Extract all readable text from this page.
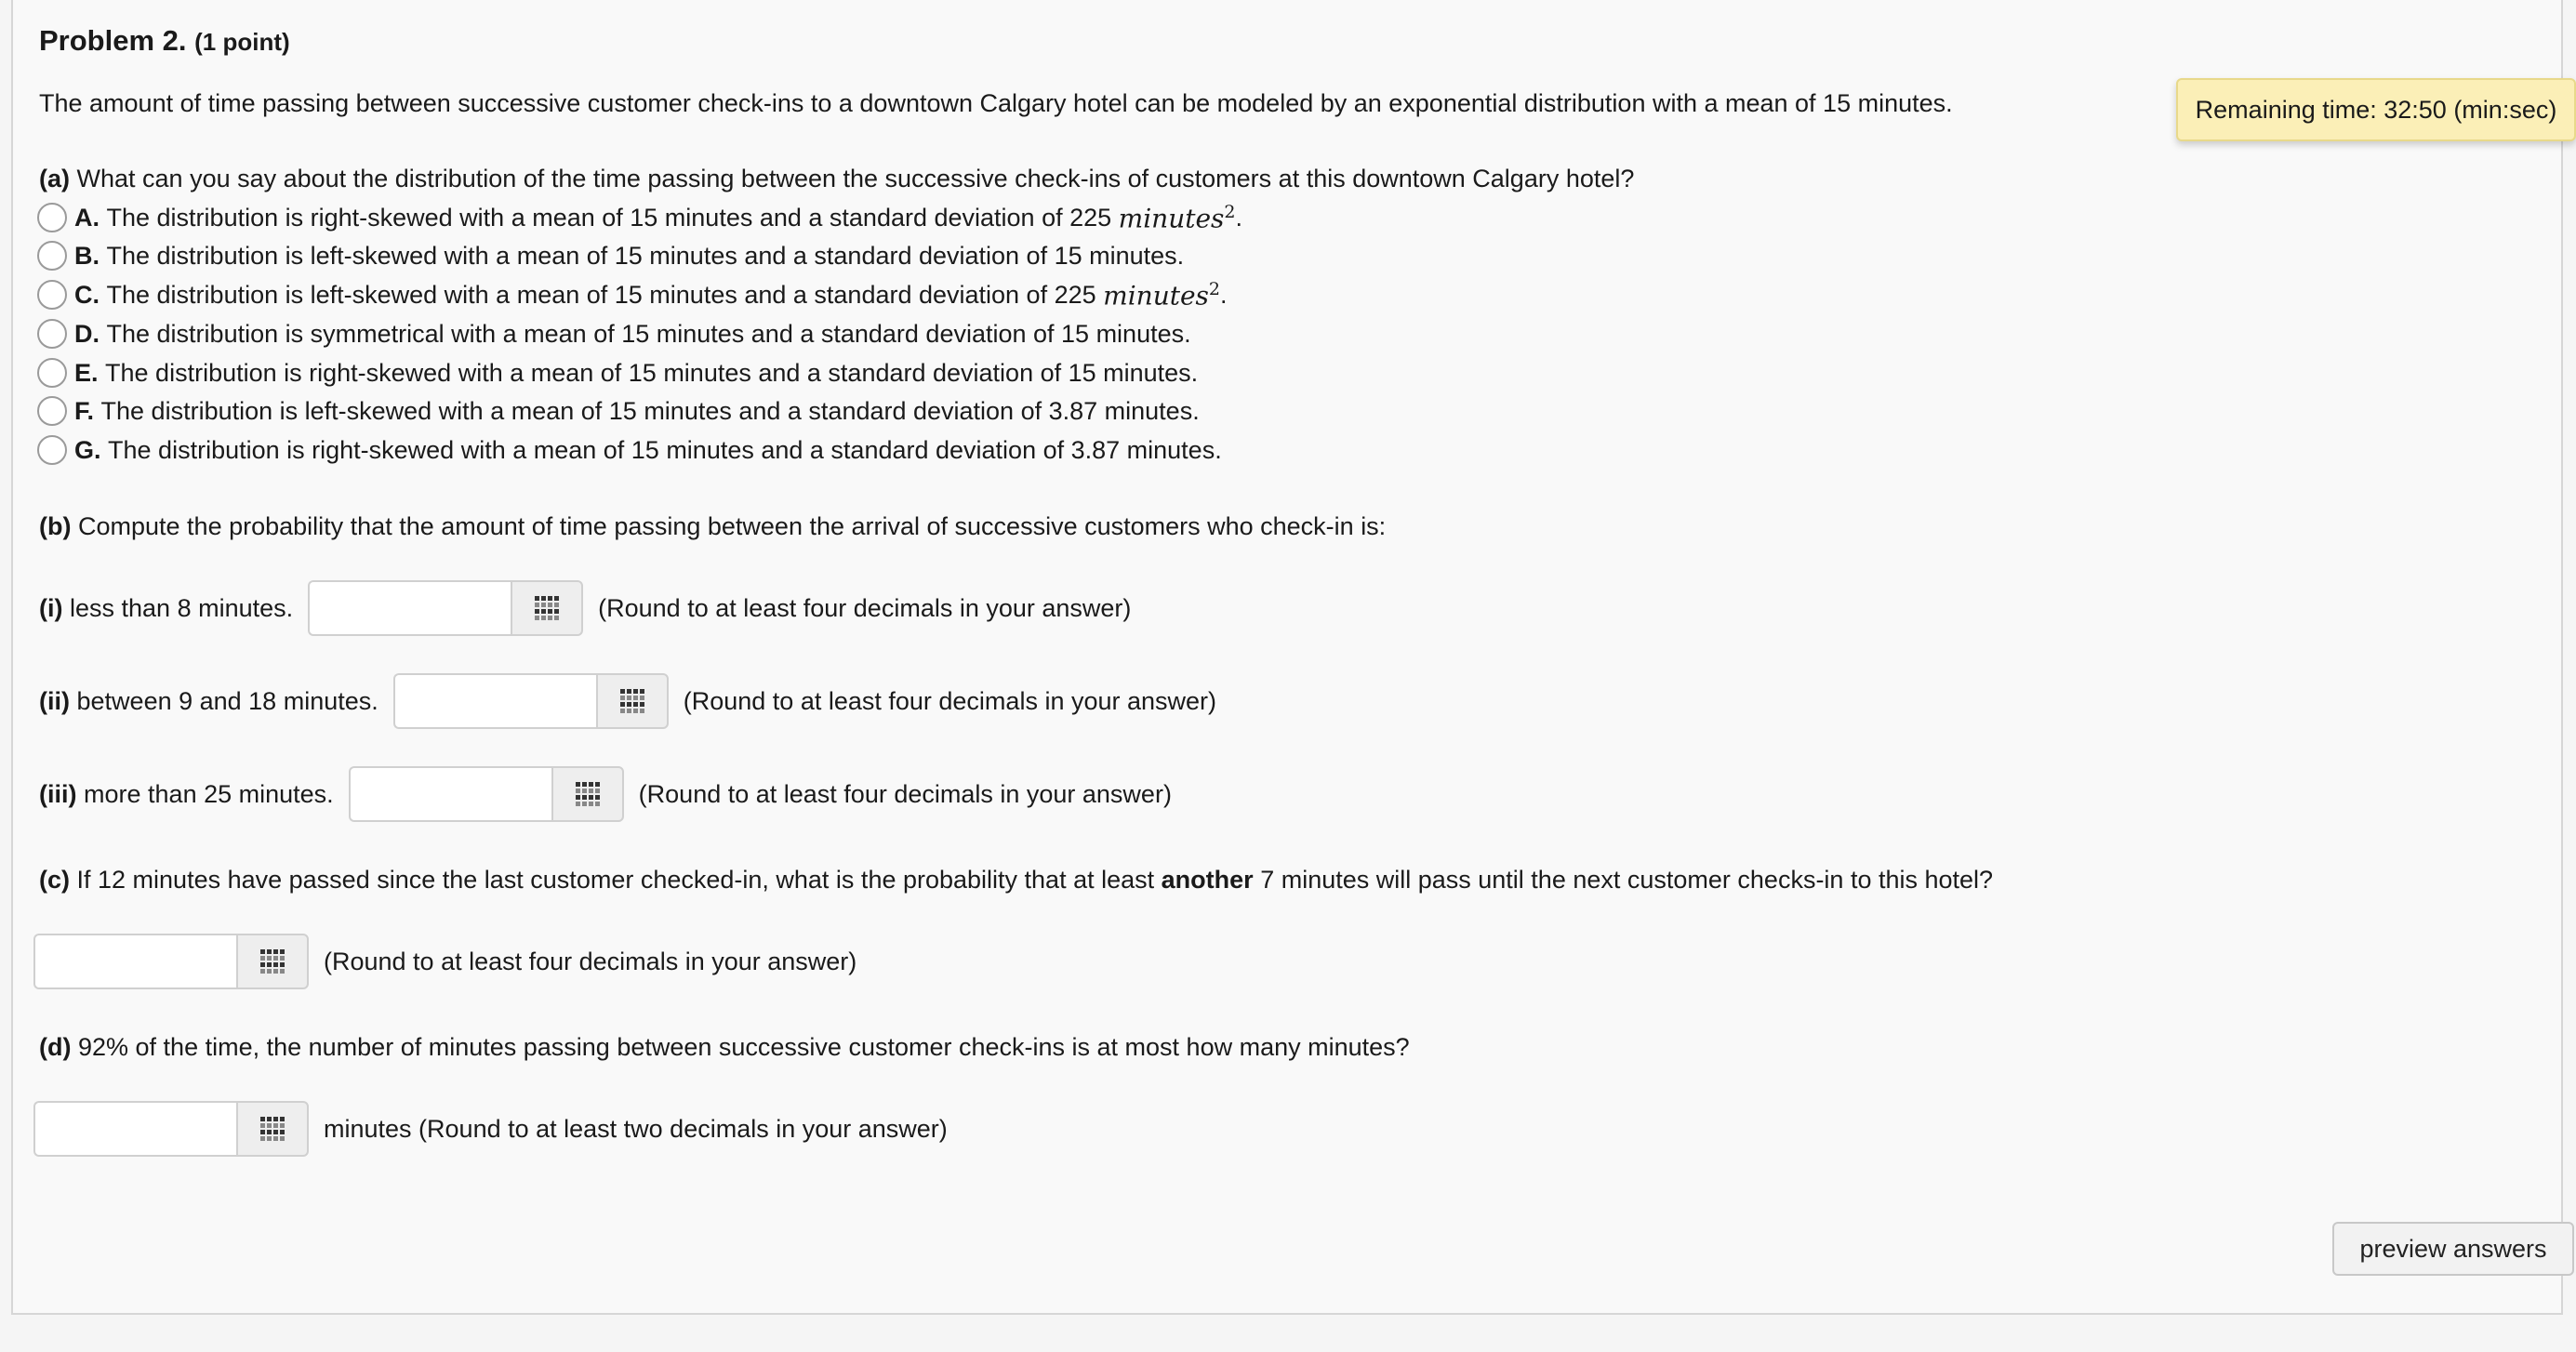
Problem 2. (1 point)
The amount of time passing between successive customer check-ins to a downtown Calgary hotel can be modeled by an exponential distribution with a mean of 15 minutes.	Remaining time: 32:50 (min:sec)
(a) What can you say about the distribution of the time passing between the successive check-ins of customers at this downtown Calgary hotel?
A.
The distribution is right-skewed with a mean of 15 minutes and a standard deviation of 225
minutes$^2$ .
B.
The distribution is left-skewed with a mean of 15 minutes and a standard deviation of 15 minutes.
C.
The distribution is left-skewed with a mean of 15 minutes and a standard deviation of 225
minutes$^2$ .
D.
The distribution is symmetrical with a mean of 15 minutes and a standard deviation of 15 minutes.
E.
The distribution is right-skewed with a mean of 15 minutes and a standard deviation of 15 minutes.
F.
The distribution is left-skewed with a mean of 15 minutes and a standard deviation of 3.87 minutes.
G.
The distribution is right-skewed with a mean of 15 minutes and a standard deviation of 3.87 minutes.
(b) Compute the probability that the amount of time passing between the arrival of successive customers who check-in is:
(i)
less than 8 minutes.	(Round to at least four decimals in your answer)
(ii)
between 9 and 18 minutes.	(Round to at least four decimals in your answer)
(iii)
more than 25 minutes.	(Round to at least four decimals in your answer)
(c) If 12 minutes have passed since the last customer checked-in, what is the probability that at least another 7 minutes will pass until the next customer checks-in to this hotel?
(Round to at least four decimals in your answer)
(d) 92% of the time, the number of minutes passing between successive customer check-ins is at most how many minutes?
minutes (Round to at least two decimals in your answer)
preview answers
